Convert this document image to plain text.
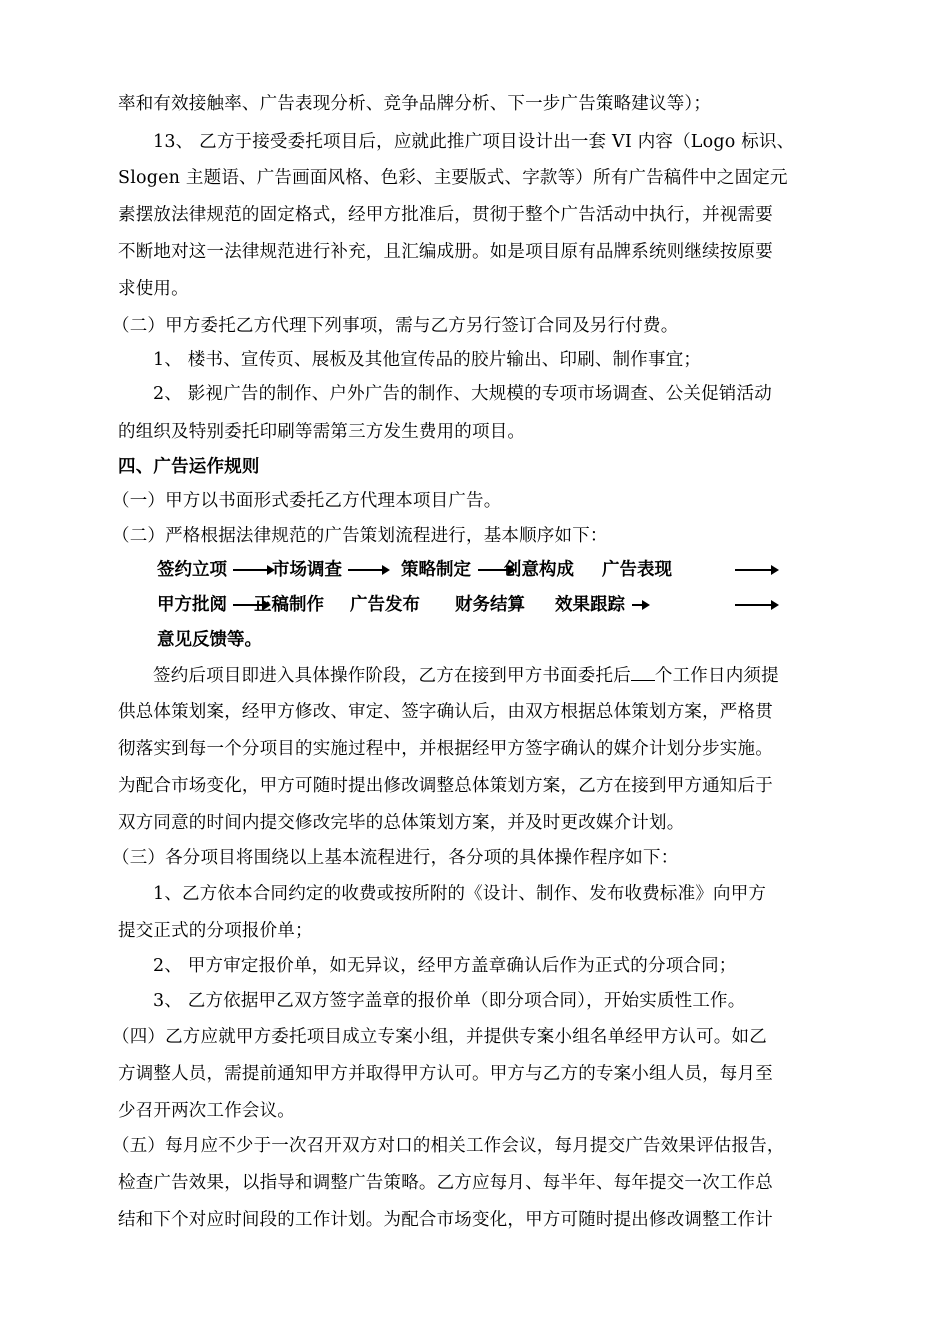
率和有效接触率、广告表现分析、竞争品牌分析、下一步广告策略建议等）；
13、 乙方于接受委托项目后，应就此推广项目设计出一套 VI 内容（Logo 标识、
Slogen 主题语、广告画面风格、色彩、主要版式、字款等）所有广告稿件中之固定元
素摆放法律规范的固定格式，经甲方批准后，贯彻于整个广告活动中执行，并视需要
不断地对这一法律规范进行补充，且汇编成册。如是项目原有品牌系统则继续按原要
求使用。
（二）甲方委托乙方代理下列事项，需与乙方另行签订合同及另行付费。
1、 楼书、宣传页、展板及其他宣传品的胶片输出、印刷、制作事宜；
2、 影视广告的制作、户外广告的制作、大规模的专项市场调查、公关促销活动
的组织及特别委托印刷等需第三方发生费用的项目。
四、广告运作规则
（一）甲方以书面形式委托乙方代理本项目广告。
（二）严格根据法律规范的广告策划流程进行，基本顺序如下：
签约立项	市场调查	策略制定 创意构成 广告表现
甲方批阅 正稿制作 广告发布 财务结算 效果跟踪
意见反馈等。
签约后项目即进入具体操作阶段，乙方在接到甲方书面委托后 个工作日内须提
供总体策划案，经甲方修改、审定、签字确认后，由双方根据总体策划方案，严格贯
彻落实到每一个分项目的实施过程中，并根据经甲方签字确认的媒介计划分步实施。
为配合市场变化，甲方可随时提出修改调整总体策划方案，乙方在接到甲方通知后于
双方同意的时间内提交修改完毕的总体策划方案，并及时更改媒介计划。
（三）各分项目将围绕以上基本流程进行，各分项的具体操作程序如下：
1、乙方依本合同约定的收费或按所附的《设计、制作、发布收费标准》向甲方
提交正式的分项报价单；
2、 甲方审定报价单，如无异议，经甲方盖章确认后作为正式的分项合同；
3、 乙方依据甲乙双方签字盖章的报价单（即分项合同），开始实质性工作。
（四）乙方应就甲方委托项目成立专案小组，并提供专案小组名单经甲方认可。如乙
方调整人员，需提前通知甲方并取得甲方认可。甲方与乙方的专案小组人员，每月至
少召开两次工作会议。
（五）每月应不少于一次召开双方对口的相关工作会议，每月提交广告效果评估报告，
检查广告效果，以指导和调整广告策略。乙方应每月、每半年、每年提交一次工作总
结和下个对应时间段的工作计划。为配合市场变化，甲方可随时提出修改调整工作计
